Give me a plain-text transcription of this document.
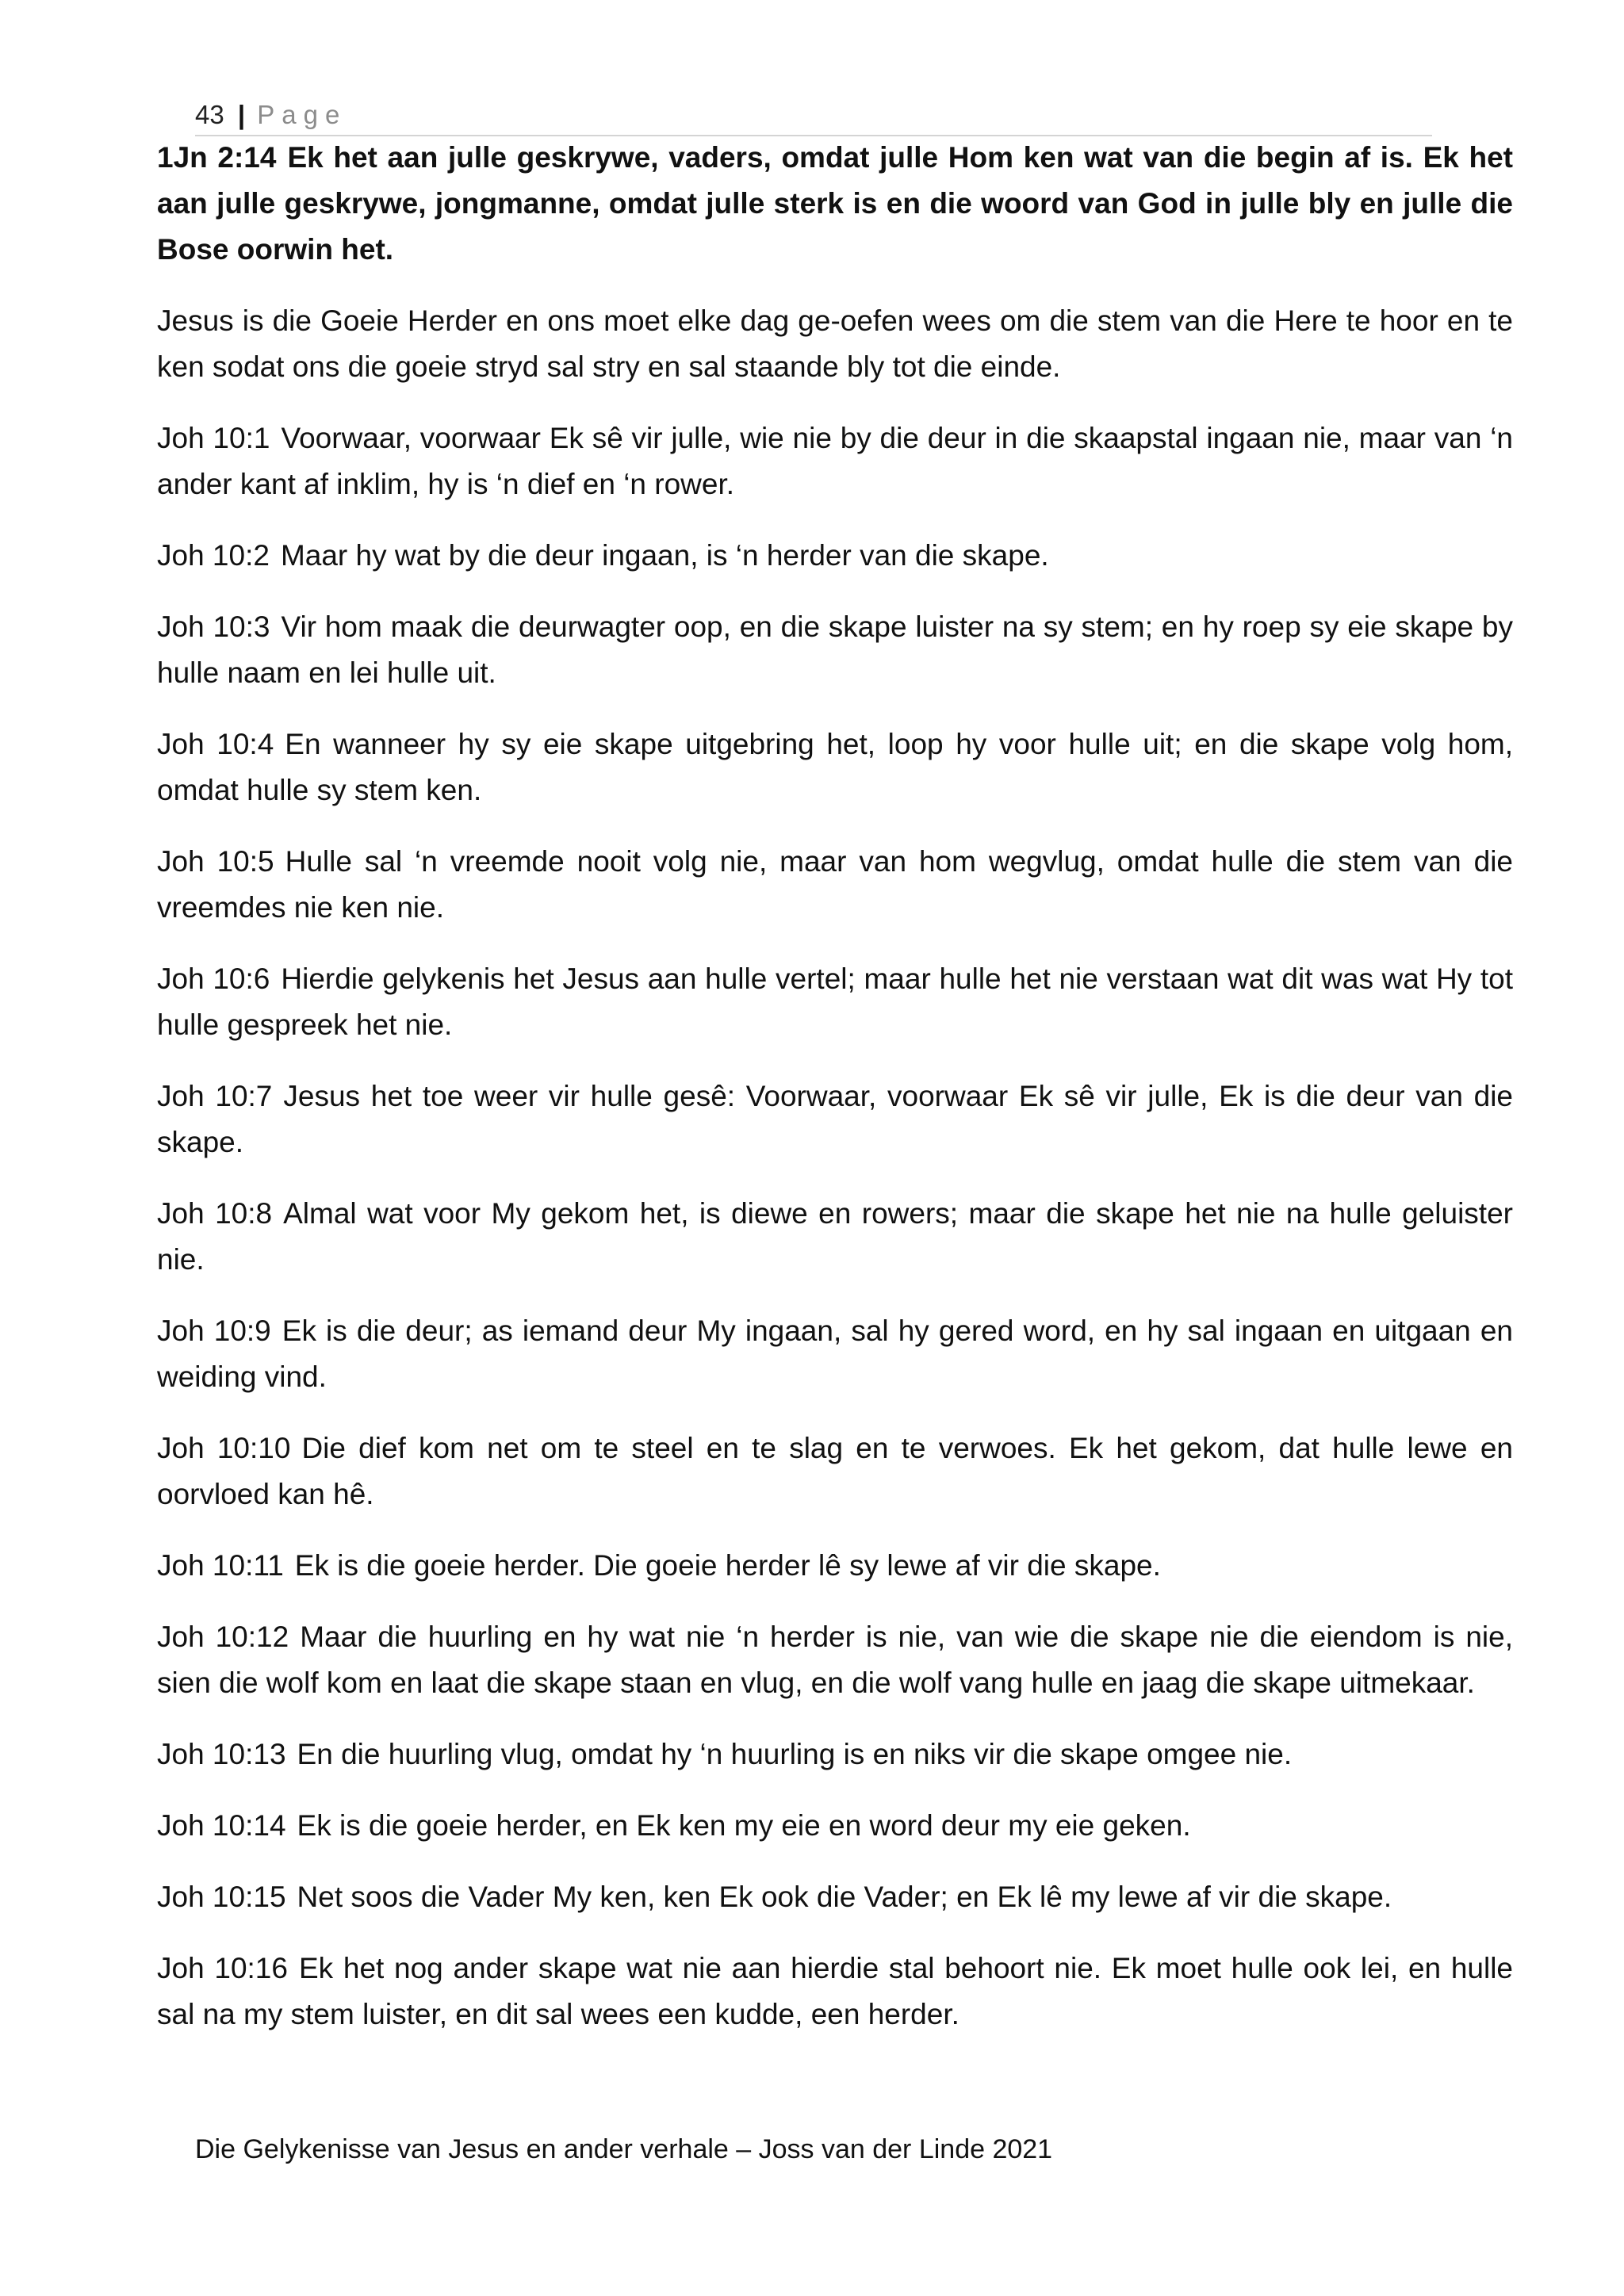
43 | Page

1Jn 2:14 Ek het aan julle geskrywe, vaders, omdat julle Hom ken wat van die begin af is. Ek het aan julle geskrywe, jongmanne, omdat julle sterk is en die woord van God in julle bly en julle die Bose oorwin het.

Jesus is die Goeie Herder en ons moet elke dag ge-oefen wees om die stem van die Here te hoor en te ken sodat ons die goeie stryd sal stry en sal staande bly tot die einde.

Joh 10:1 Voorwaar, voorwaar Ek sê vir julle, wie nie by die deur in die skaapstal ingaan nie, maar van ‘n ander kant af inklim, hy is ‘n dief en ‘n rower.

Joh 10:2 Maar hy wat by die deur ingaan, is ‘n herder van die skape.

Joh 10:3 Vir hom maak die deurwagter oop, en die skape luister na sy stem; en hy roep sy eie skape by hulle naam en lei hulle uit.

Joh 10:4 En wanneer hy sy eie skape uitgebring het, loop hy voor hulle uit; en die skape volg hom, omdat hulle sy stem ken.

Joh 10:5 Hulle sal ‘n vreemde nooit volg nie, maar van hom wegvlug, omdat hulle die stem van die vreemdes nie ken nie.

Joh 10:6 Hierdie gelykenis het Jesus aan hulle vertel; maar hulle het nie verstaan wat dit was wat Hy tot hulle gespreek het nie.

Joh 10:7 Jesus het toe weer vir hulle gesê: Voorwaar, voorwaar Ek sê vir julle, Ek is die deur van die skape.

Joh 10:8 Almal wat voor My gekom het, is diewe en rowers; maar die skape het nie na hulle geluister nie.

Joh 10:9 Ek is die deur; as iemand deur My ingaan, sal hy gered word, en hy sal ingaan en uitgaan en weiding vind.

Joh 10:10 Die dief kom net om te steel en te slag en te verwoes. Ek het gekom, dat hulle lewe en oorvloed kan hê.

Joh 10:11 Ek is die goeie herder. Die goeie herder lê sy lewe af vir die skape.

Joh 10:12 Maar die huurling en hy wat nie ‘n herder is nie, van wie die skape nie die eiendom is nie, sien die wolf kom en laat die skape staan en vlug, en die wolf vang hulle en jaag die skape uitmekaar.

Joh 10:13 En die huurling vlug, omdat hy ‘n huurling is en niks vir die skape omgee nie.

Joh 10:14 Ek is die goeie herder, en Ek ken my eie en word deur my eie geken.

Joh 10:15 Net soos die Vader My ken, ken Ek ook die Vader; en Ek lê my lewe af vir die skape.

Joh 10:16 Ek het nog ander skape wat nie aan hierdie stal behoort nie. Ek moet hulle ook lei, en hulle sal na my stem luister, en dit sal wees een kudde, een herder.

Die Gelykenisse van Jesus en ander verhale – Joss van der Linde 2021
